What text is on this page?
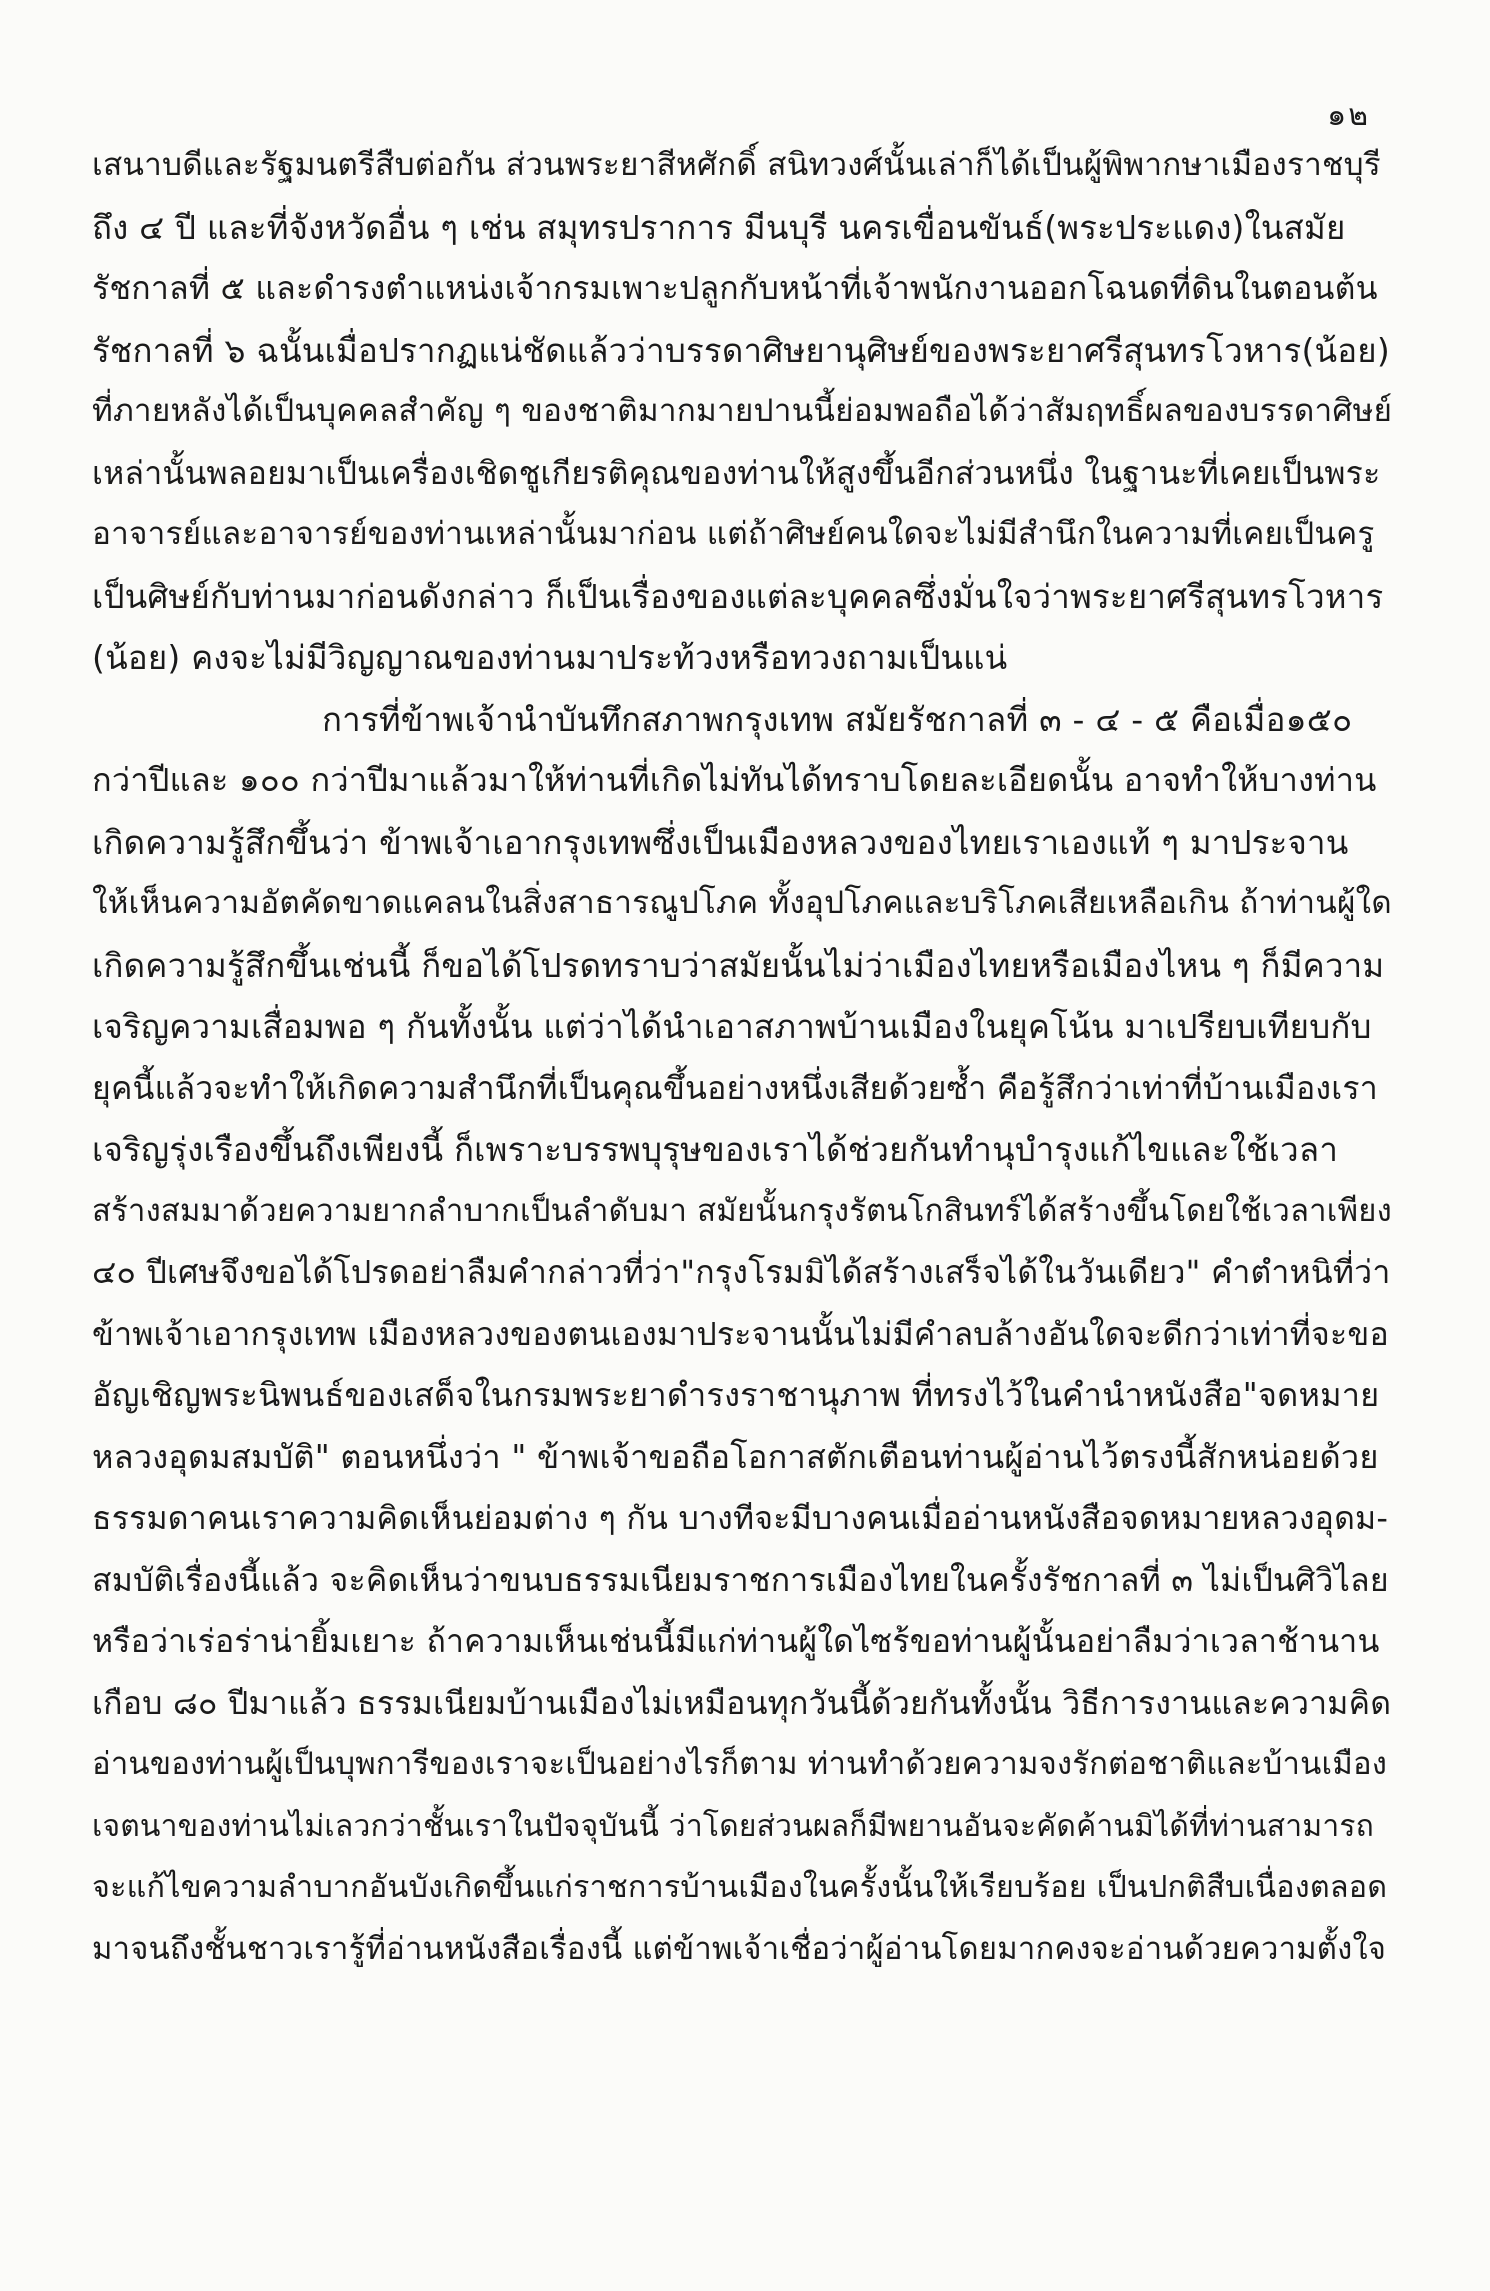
๑๒
เสนาบดีและรัฐมนตรีสืบต่อกัน ส่วนพระยาสีหศักดิ์ สนิทวงศ์นั้นเล่าก็ได้เป็นผู้พิพากษาเมืองราชบุรี
ถึง ๔ ปี และที่จังหวัดอื่น ๆ เช่น สมุทรปราการ มีนบุรี นครเขื่อนขันธ์(พระประแดง)ในสมัย
รัชกาลที่ ๕ และดำรงตำแหน่งเจ้ากรมเพาะปลูกกับหน้าที่เจ้าพนักงานออกโฉนดที่ดินในตอนต้น
รัชกาลที่ ๖ ฉนั้นเมื่อปรากฏแน่ชัดแล้วว่าบรรดาศิษยานุศิษย์ของพระยาศรีสุนทรโวหาร(น้อย)
ที่ภายหลังได้เป็นบุคคลสำคัญ ๆ ของชาติมากมายปานนี้ย่อมพอถือได้ว่าสัมฤทธิ์ผลของบรรดาศิษย์
เหล่านั้นพลอยมาเป็นเครื่องเชิดชูเกียรติคุณของท่านให้สูงขึ้นอีกส่วนหนึ่ง ในฐานะที่เคยเป็นพระ
อาจารย์และอาจารย์ของท่านเหล่านั้นมาก่อน แต่ถ้าศิษย์คนใดจะไม่มีสำนึกในความที่เคยเป็นครู
เป็นศิษย์กับท่านมาก่อนดังกล่าว ก็เป็นเรื่องของแต่ละบุคคลซึ่งมั่นใจว่าพระยาศรีสุนทรโวหาร
(น้อย) คงจะไม่มีวิญญาณของท่านมาประท้วงหรือทวงถามเป็นแน่
การที่ข้าพเจ้านำบันทึกสภาพกรุงเทพ สมัยรัชกาลที่ ๓ - ๔ - ๕ คือเมื่อ๑๕๐
กว่าปีและ ๑๐๐ กว่าปีมาแล้วมาให้ท่านที่เกิดไม่ทันได้ทราบโดยละเอียดนั้น อาจทำให้บางท่าน
เกิดความรู้สึกขึ้นว่า ข้าพเจ้าเอากรุงเทพซึ่งเป็นเมืองหลวงของไทยเราเองแท้ ๆ มาประจาน
ให้เห็นความอัตคัดขาดแคลนในสิ่งสาธารณูปโภค ทั้งอุปโภคและบริโภคเสียเหลือเกิน ถ้าท่านผู้ใด
เกิดความรู้สึกขึ้นเช่นนี้ ก็ขอได้โปรดทราบว่าสมัยนั้นไม่ว่าเมืองไทยหรือเมืองไหน ๆ ก็มีความ
เจริญความเสื่อมพอ ๆ กันทั้งนั้น แต่ว่าได้นำเอาสภาพบ้านเมืองในยุคโน้น มาเปรียบเทียบกับ
ยุคนี้แล้วจะทำให้เกิดความสำนึกที่เป็นคุณขึ้นอย่างหนึ่งเสียด้วยซ้ำ คือรู้สึกว่าเท่าที่บ้านเมืองเรา
เจริญรุ่งเรืองขึ้นถึงเพียงนี้ ก็เพราะบรรพบุรุษของเราได้ช่วยกันทำนุบำรุงแก้ไขและใช้เวลา
สร้างสมมาด้วยความยากลำบากเป็นลำดับมา สมัยนั้นกรุงรัตนโกสินทร์ได้สร้างขึ้นโดยใช้เวลาเพียง
๔๐ ปีเศษจึงขอได้โปรดอย่าลืมคำกล่าวที่ว่า"กรุงโรมมิได้สร้างเสร็จได้ในวันเดียว" คำตำหนิที่ว่า
ข้าพเจ้าเอากรุงเทพ เมืองหลวงของตนเองมาประจานนั้นไม่มีคำลบล้างอันใดจะดีกว่าเท่าที่จะขอ
อัญเชิญพระนิพนธ์ของเสด็จในกรมพระยาดำรงราชานุภาพ ที่ทรงไว้ในคำนำหนังสือ"จดหมาย
หลวงอุดมสมบัติ" ตอนหนึ่งว่า " ข้าพเจ้าขอถือโอกาสตักเตือนท่านผู้อ่านไว้ตรงนี้สักหน่อยด้วย
ธรรมดาคนเราความคิดเห็นย่อมต่าง ๆ กัน บางทีจะมีบางคนเมื่ออ่านหนังสือจดหมายหลวงอุดม-
สมบัติเรื่องนี้แล้ว จะคิดเห็นว่าขนบธรรมเนียมราชการเมืองไทยในครั้งรัชกาลที่ ๓ ไม่เป็นศิวิไลย
หรือว่าเร่อร่าน่ายิ้มเยาะ ถ้าความเห็นเช่นนี้มีแก่ท่านผู้ใดไซร้ขอท่านผู้นั้นอย่าลืมว่าเวลาช้านาน
เกือบ ๘๐ ปีมาแล้ว ธรรมเนียมบ้านเมืองไม่เหมือนทุกวันนี้ด้วยกันทั้งนั้น วิธีการงานและความคิด
อ่านของท่านผู้เป็นบุพการีของเราจะเป็นอย่างไรก็ตาม ท่านทำด้วยความจงรักต่อชาติและบ้านเมือง
เจตนาของท่านไม่เลวกว่าชั้นเราในปัจจุบันนี้ ว่าโดยส่วนผลก็มีพยานอันจะคัดค้านมิได้ที่ท่านสามารถ
จะแก้ไขความลำบากอันบังเกิดขึ้นแก่ราชการบ้านเมืองในครั้งนั้นให้เรียบร้อย เป็นปกติสืบเนื่องตลอด
มาจนถึงชั้นชาวเรารู้ที่อ่านหนังสือเรื่องนี้ แต่ข้าพเจ้าเชื่อว่าผู้อ่านโดยมากคงจะอ่านด้วยความตั้งใจ
